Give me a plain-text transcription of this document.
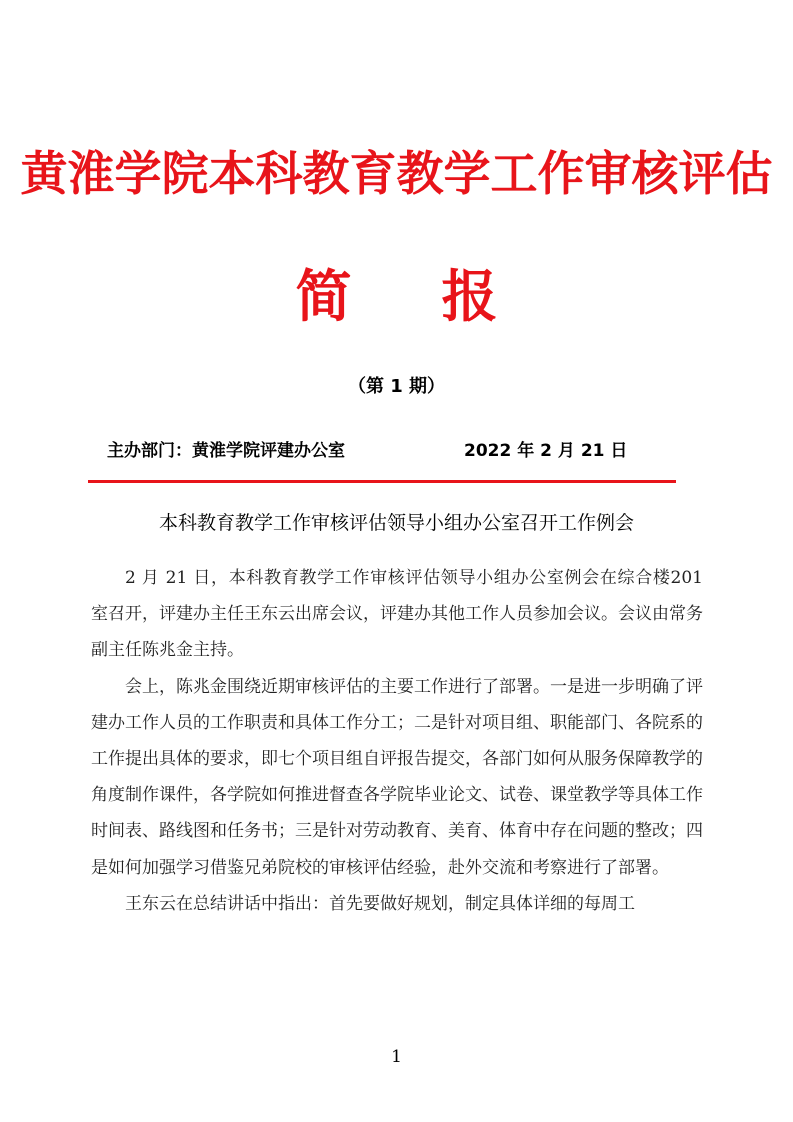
黄淮学院本科教育教学工作审核评估
简 报
（第 1 期）
主办部门：黄淮学院评建办公室	2022 年 2 月 21 日
本科教育教学工作审核评估领导小组办公室召开工作例会

2 月 21 日，本科教育教学工作审核评估领导小组办公室例会在综合楼201 室召开，评建办主任王东云出席会议，评建办其他工作人员参加会议。会议由常务副主任陈兆金主持。

会上，陈兆金围绕近期审核评估的主要工作进行了部署。一是进一步明确了评建办工作人员的工作职责和具体工作分工；二是针对项目组、职能部门、各院系的工作提出具体的要求，即七个项目组自评报告提交，各部门如何从服务保障教学的角度制作课件，各学院如何推进督查各学院毕业论文、试卷、课堂教学等具体工作时间表、路线图和任务书；三是针对劳动教育、美育、体育中存在问题的整改；四是如何加强学习借鉴兄弟院校的审核评估经验，赴外交流和考察进行了部署。

王东云在总结讲话中指出：首先要做好规划，制定具体详细的每周工

1
